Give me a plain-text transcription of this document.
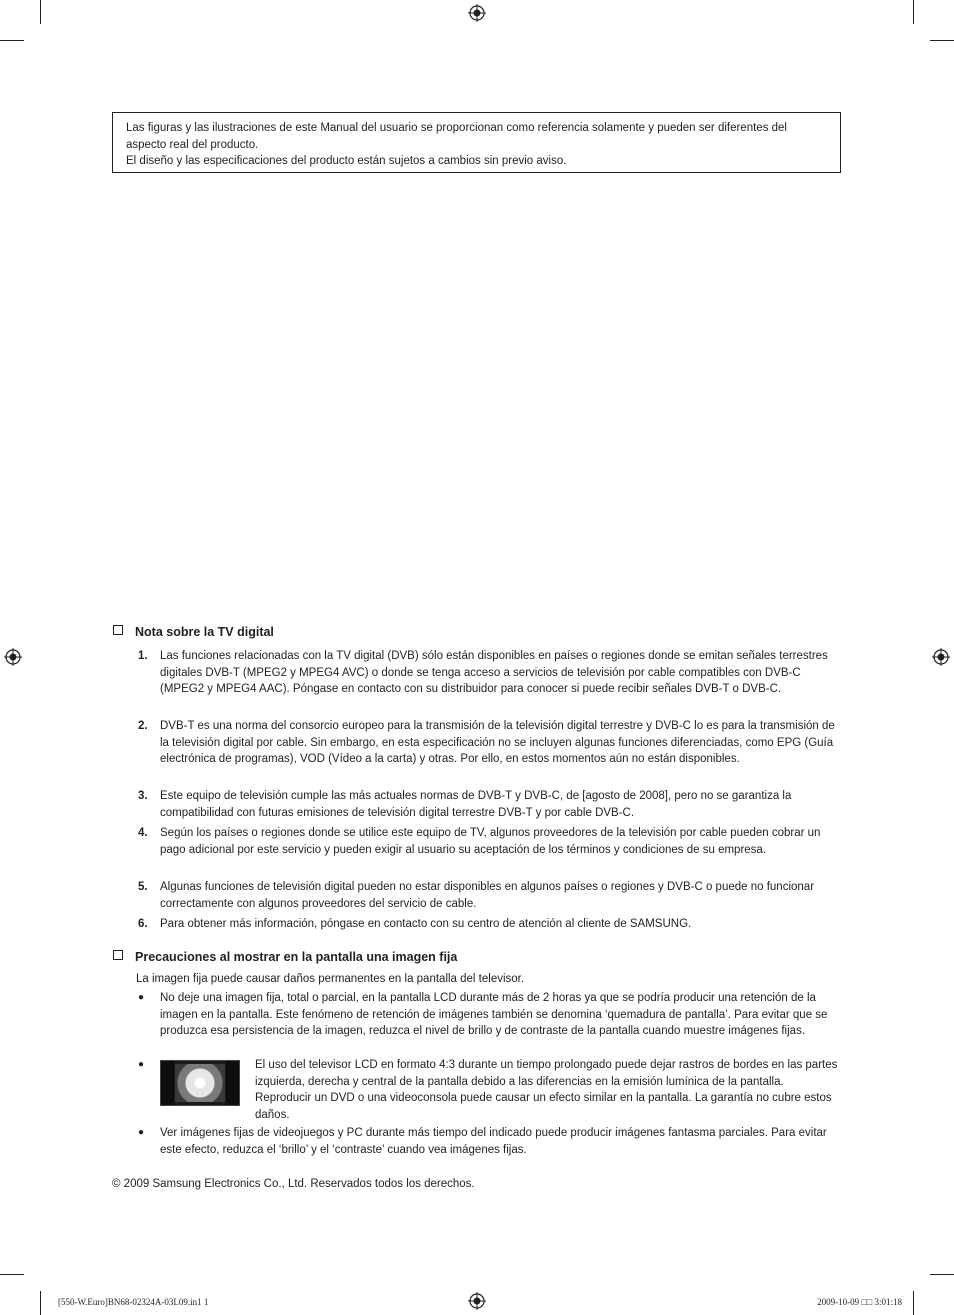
Las figuras y las ilustraciones de este Manual del usuario se proporcionan como referencia solamente y pueden ser diferentes del aspecto real del producto.

El diseño y las especificaciones del producto están sujetos a cambios sin previo aviso.

Nota sobre la TV digital
1. Las funciones relacionadas con la TV digital (DVB) sólo están disponibles en países o regiones donde se emitan señales terrestres digitales DVB-T (MPEG2 y MPEG4 AVC) o donde se tenga acceso a servicios de televisión por cable compatibles con DVB-C (MPEG2 y MPEG4 AAC). Póngase en contacto con su distribuidor para conocer si puede recibir señales DVB-T o DVB-C.
2. DVB-T es una norma del consorcio europeo para la transmisión de la televisión digital terrestre y DVB-C lo es para la transmisión de la televisión digital por cable. Sin embargo, en esta especificación no se incluyen algunas funciones diferenciadas, como EPG (Guía electrónica de programas), VOD (Vídeo a la carta) y otras. Por ello, en estos momentos aún no están disponibles.
3. Este equipo de televisión cumple las más actuales normas de DVB-T y DVB-C, de [agosto de 2008], pero no se garantiza la compatibilidad con futuras emisiones de televisión digital terrestre DVB-T y por cable DVB-C.
4. Según los países o regiones donde se utilice este equipo de TV, algunos proveedores de la televisión por cable pueden cobrar un pago adicional por este servicio y pueden exigir al usuario su aceptación de los términos y condiciones de su empresa.
5. Algunas funciones de televisión digital pueden no estar disponibles en algunos países o regiones y DVB-C o puede no funcionar correctamente con algunos proveedores del servicio de cable.
6. Para obtener más información, póngase en contacto con su centro de atención al cliente de SAMSUNG.
Precauciones al mostrar en la pantalla una imagen fija
La imagen fija puede causar daños permanentes en la pantalla del televisor.
● No deje una imagen fija, total o parcial, en la pantalla LCD durante más de 2 horas ya que se podría producir una retención de la imagen en la pantalla. Este fenómeno de retención de imágenes también se denomina ‘quemadura de pantalla’. Para evitar que se produzca esa persistencia de la imagen, reduzca el nivel de brillo y de contraste de la pantalla cuando muestre imágenes fijas.
●	El uso del televisor LCD en formato 4:3 durante un tiempo prolongado puede dejar rastros de bordes en las partes izquierda, derecha y central de la pantalla debido a las diferencias en la emisión lumínica de la pantalla. Reproducir un DVD o una videoconsola puede causar un efecto similar en la pantalla. La garantía no cubre estos daños.
● Ver imágenes fijas de videojuegos y PC durante más tiempo del indicado puede producir imágenes fantasma parciales. Para evitar este efecto, reduzca el ‘brillo’ y el ‘contraste’ cuando vea imágenes fijas.
© 2009 Samsung Electronics Co., Ltd. Reservados todos los derechos.
[550-W.Euro]BN68-02324A-03L09.in1 1	2009-10-09 □□ 3:01:18
